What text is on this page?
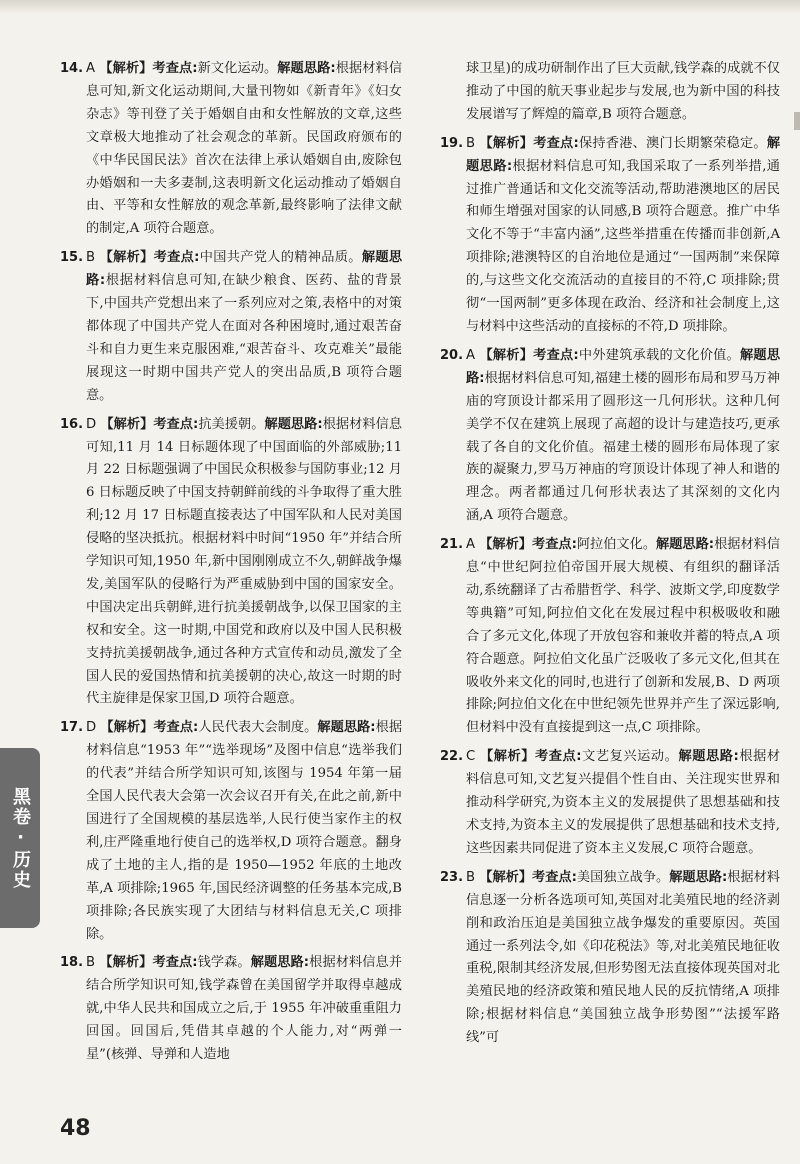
14. A 【解析】考查点:新文化运动。解题思路:根据材料信息可知,新文化运动期间,大量刊物如《新青年》《妇女杂志》等刊登了关于婚姻自由和女性解放的文章,这些文章极大地推动了社会观念的革新。民国政府颁布的《中华民国民法》首次在法律上承认婚姻自由,废除包办婚姻和一夫多妻制,这表明新文化运动推动了婚姻自由、平等和女性解放的观念革新,最终影响了法律文献的制定,A 项符合题意。
15. B 【解析】考查点:中国共产党人的精神品质。解题思路:根据材料信息可知,在缺少粮食、医药、盐的背景下,中国共产党想出来了一系列应对之策,表格中的对策都体现了中国共产党人在面对各种困境时,通过艰苦奋斗和自力更生来克服困难,“艰苦奋斗、攻克难关”最能展现这一时期中国共产党人的突出品质,B 项符合题意。
16. D 【解析】考查点:抗美援朝。解题思路:根据材料信息可知,11 月 14 日标题体现了中国面临的外部威胁;11 月 22 日标题强调了中国民众积极参与国防事业;12 月 6 日标题反映了中国支持朝鲜前线的斗争取得了重大胜利;12 月 17 日标题直接表达了中国军队和人民对美国侵略的坚决抵抗。根据材料中时间“1950 年”并结合所学知识可知,1950 年,新中国刚刚成立不久,朝鲜战争爆发,美国军队的侵略行为严重威胁到中国的国家安全。中国决定出兵朝鲜,进行抗美援朝战争,以保卫国家的主权和安全。这一时期,中国党和政府以及中国人民积极支持抗美援朝战争,通过各种方式宣传和动员,激发了全国人民的爱国热情和抗美援朝的决心,故这一时期的时代主旋律是保家卫国,D 项符合题意。
17. D 【解析】考查点:人民代表大会制度。解题思路:根据材料信息“1953 年”“选举现场”及图中信息“选举我们的代表”并结合所学知识可知,该图与 1954 年第一届全国人民代表大会第一次会议召开有关,在此之前,新中国进行了全国规模的基层选举,人民行使当家作主的权利,庄严隆重地行使自己的选举权,D 项符合题意。翻身成了土地的主人,指的是 1950—1952 年底的土地改革,A 项排除;1965 年,国民经济调整的任务基本完成,B 项排除;各民族实现了大团结与材料信息无关,C 项排除。
18. B 【解析】考查点:钱学森。解题思路:根据材料信息并结合所学知识可知,钱学森曾在美国留学并取得卓越成就,中华人民共和国成立之后,于 1955 年冲破重重阻力回国。回国后,凭借其卓越的个人能力,对“两弹一星”(核弹、导弹和人造地
球卫星)的成功研制作出了巨大贡献,钱学森的成就不仅推动了中国的航天事业起步与发展,也为新中国的科技发展谱写了辉煌的篇章,B 项符合题意。
19. B 【解析】考查点:保持香港、澳门长期繁荣稳定。解题思路:根据材料信息可知,我国采取了一系列举措,通过推广普通话和文化交流等活动,帮助港澳地区的居民和师生增强对国家的认同感,B 项符合题意。推广中华文化不等于“丰富内涵”,这些举措重在传播而非创新,A 项排除;港澳特区的自治地位是通过“一国两制”来保障的,与这些文化交流活动的直接目的不符,C 项排除;贯彻“一国两制”更多体现在政治、经济和社会制度上,这与材料中这些活动的直接标的不符,D 项排除。
20. A 【解析】考查点:中外建筑承载的文化价值。解题思路:根据材料信息可知,福建土楼的圆形布局和罗马万神庙的穹顶设计都采用了圆形这一几何形状。这种几何美学不仅在建筑上展现了高超的设计与建造技巧,更承载了各自的文化价值。福建土楼的圆形布局体现了家族的凝聚力,罗马万神庙的穹顶设计体现了神人和谐的理念。两者都通过几何形状表达了其深刻的文化内涵,A 项符合题意。
21. A 【解析】考查点:阿拉伯文化。解题思路:根据材料信息“中世纪阿拉伯帝国开展大规模、有组织的翻译活动,系统翻译了古希腊哲学、科学、波斯文学,印度数学等典籍”可知,阿拉伯文化在发展过程中积极吸收和融合了多元文化,体现了开放包容和兼收并蓄的特点,A 项符合题意。阿拉伯文化虽广泛吸收了多元文化,但其在吸收外来文化的同时,也进行了创新和发展,B、D 两项排除;阿拉伯文化在中世纪领先世界并产生了深远影响,但材料中没有直接提到这一点,C 项排除。
22. C 【解析】考查点:文艺复兴运动。解题思路:根据材料信息可知,文艺复兴提倡个性自由、关注现实世界和推动科学研究,为资本主义的发展提供了思想基础和技术支持,为资本主义的发展提供了思想基础和技术支持,这些因素共同促进了资本主义发展,C 项符合题意。
23. B 【解析】考查点:美国独立战争。解题思路:根据材料信息逐一分析各选项可知,英国对北美殖民地的经济剥削和政治压迫是美国独立战争爆发的重要原因。英国通过一系列法令,如《印花税法》等,对北美殖民地征收重税,限制其经济发展,但形势图无法直接体现英国对北美殖民地的经济政策和殖民地人民的反抗情绪,A 项排除;根据材料信息“美国独立战争形势图”“法援军路线”可
黑卷·历史
48
